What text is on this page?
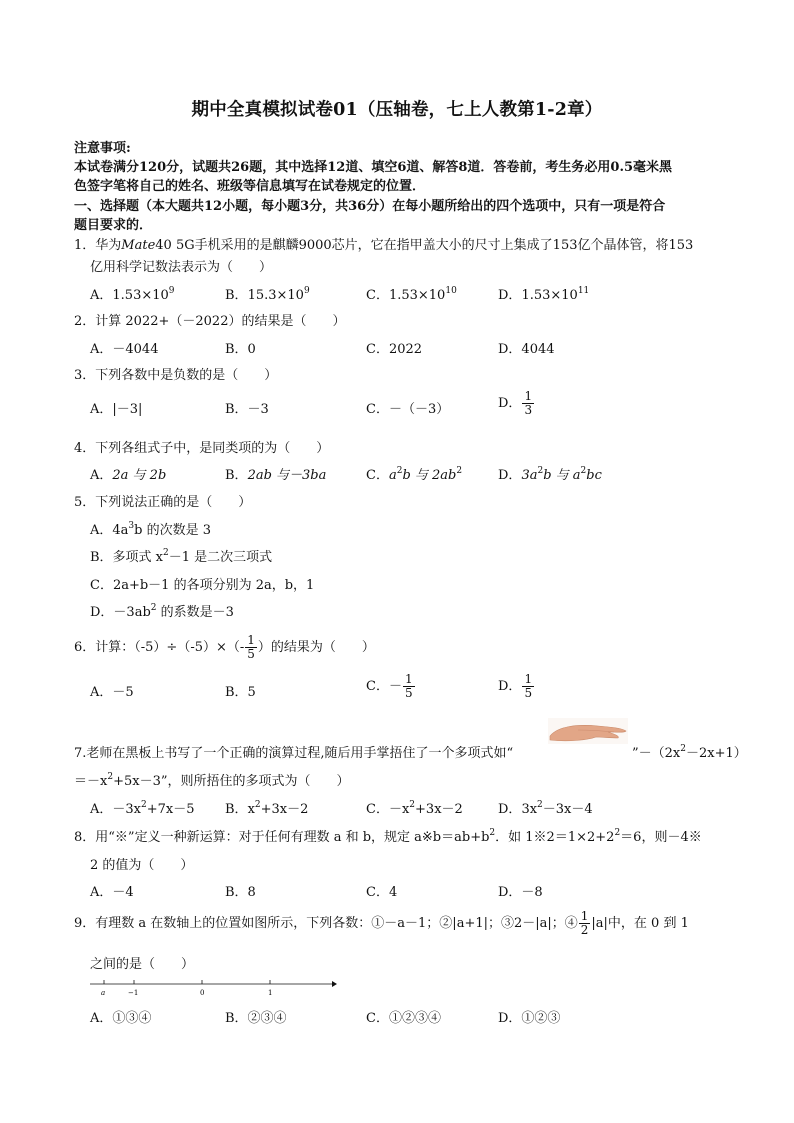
期中全真模拟试卷01（压轴卷，七上人教第1-2章）
注意事项:
本试卷满分120分，试题共26题，其中选择12道、填空6道、解答8道．答卷前，考生务必用0.5毫米黑
色签字笔将自己的姓名、班级等信息填写在试卷规定的位置．
一、选择题（本大题共12小题，每小题3分，共36分）在每小题所给出的四个选项中，只有一项是符合
题目要求的．
1．华为Mate40 5G手机采用的是麒麟9000芯片，它在指甲盖大小的尺寸上集成了153亿个晶体管，将153
亿用科学记数法表示为（　　）
A．$1.53\times 10^9$	B．$15.3\times 10^9$	C．$1.53\times 10^{10}$	D．$1.53\times 10^{11}$
2．计算 2022+（－2022）的结果是（　　）
A．－4044	B．0	C．2022	D．4044
3．下列各数中是负数的是（　　）
A．|－3|	B．－3	C．－（－3）	D． $\frac{1}{3}$
4．下列各组式子中，是同类项的为（　　）
A．2a 与 2b	B．2ab 与－3ba	C．$a^2b$ 与 $2ab^2$	D．$3a^2b$ 与 $a^2bc$
5．下列说法正确的是（　　）
A．$4a^3b$ 的次数是 3
B．多项式 $x^2-1$ 是二次三项式
C．2a+b－1 的各项分别为 2a，b，1
D．$-3ab^2$ 的系数是－3
6．计算：$(-5)\div(-5)\times(- \frac{1}{5}$ ）的结果为（　　）
A．－5	B．5	C．－ $\frac{1}{5}$	D． $\frac{1}{5}$
7.老师在黑板上书写了一个正确的演算过程,随后用手掌捂住了一个多项式如“	$”-(2x^2-2x+1)$
$=-x^2+5x-3$”，则所捂住的多项式为（　　）
A．$-3x^2+7x-5$ B．$x^2+3x-2$	C．$-x^2+3x-2$	D．$3x^2-3x-4$
8．用“※”定义一种新运算：对于任何有理数 a 和 b，规定 $a※b=ab+b^2$．如 $1※2=1\times 2+2^2=6$，则－4※
2 的值为（　　）
A．－4	B．8	C．4	D．－8
9．有理数 a 在数轴上的位置如图所示，下列各数：①－a－1；②|a+1|；③2－|a|；④ $\frac{1}{2} |a|$中，在 0 到 1
之间的是（　　）
a	−1	0	1
A．①③④	B．②③④	C．①②③④	D．①②③
